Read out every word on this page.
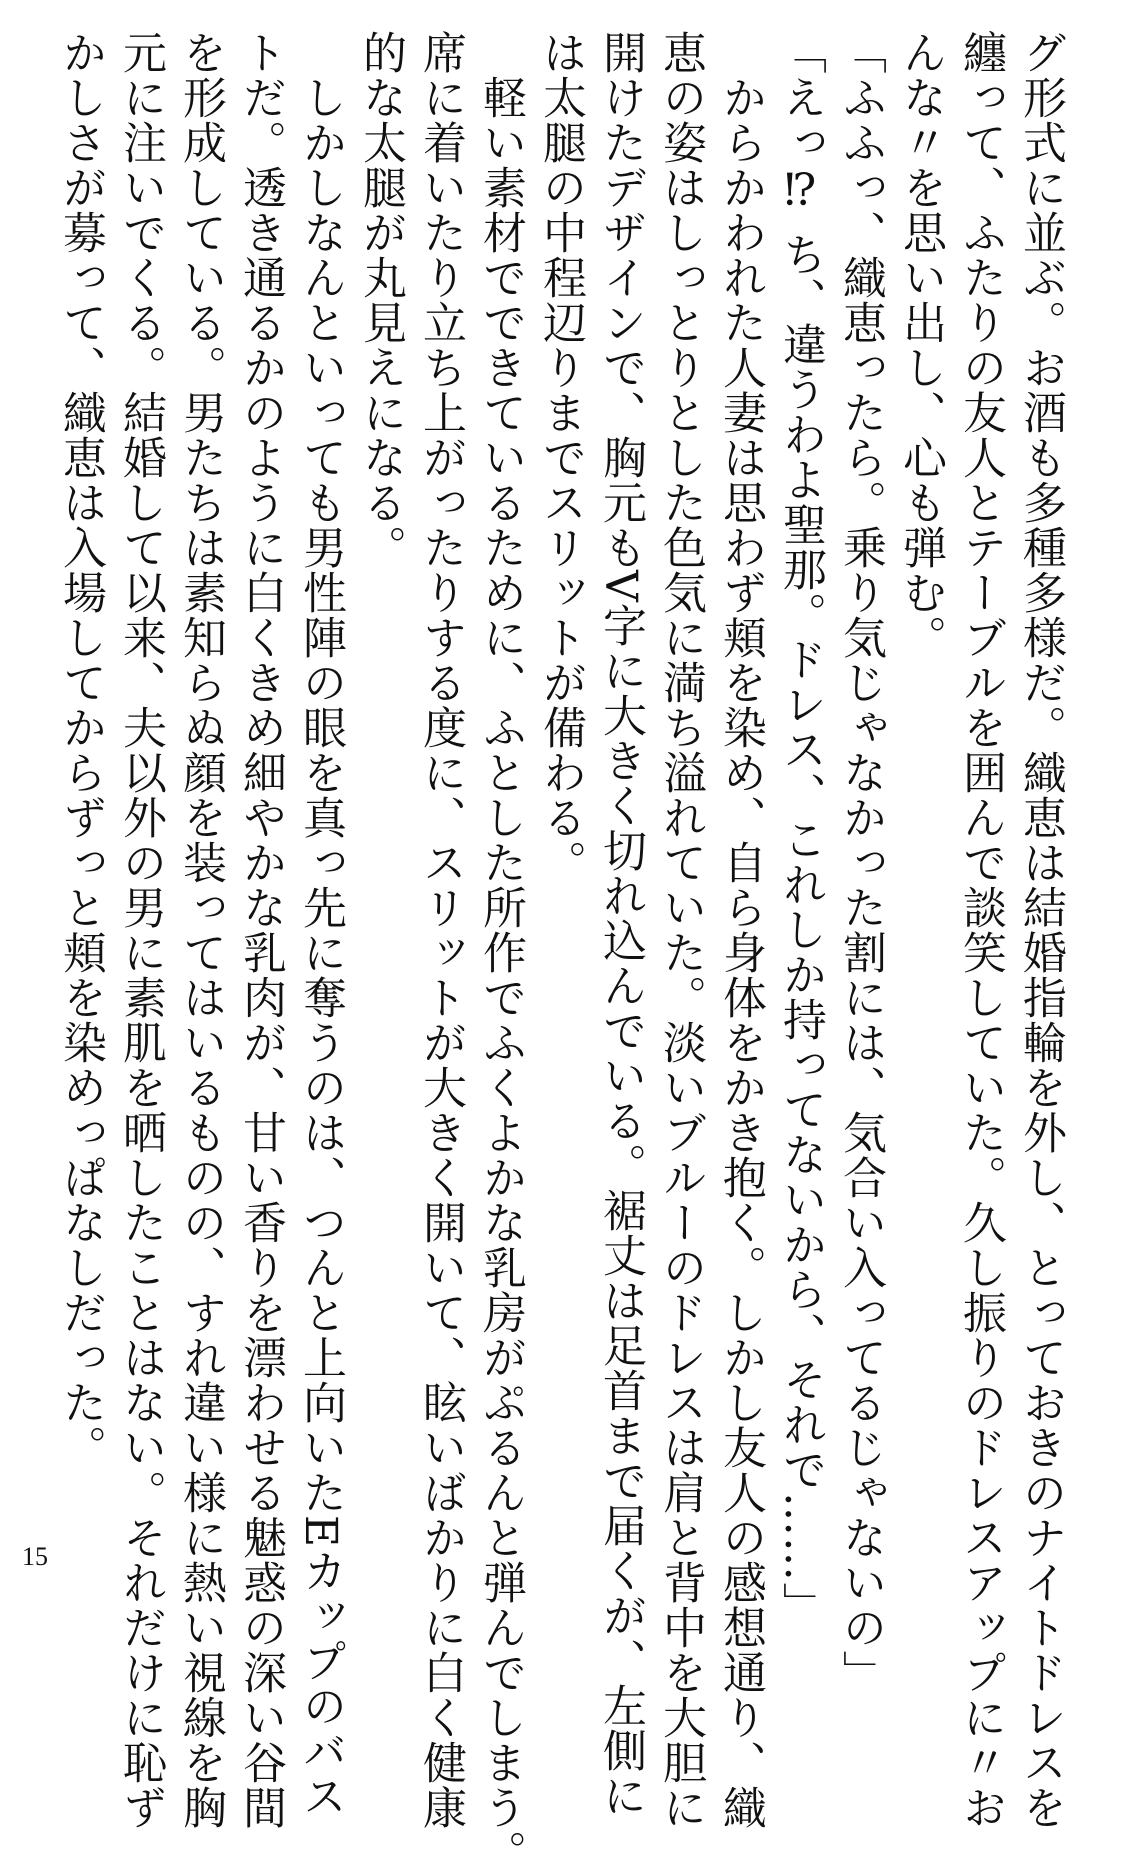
グ形式に並ぶ。お酒も多種多様だ。織恵は結婚指輪を外し、とっておきのナイトドレスを
纏って、ふたりの友人とテーブルを囲んで談笑していた。久し振りのドレスアップに〃お
んな〃を思い出し、心も弾む。
「ふふっ、織恵ったら。乗り気じゃなかった割には、気合い入ってるじゃないの」
「えっ⁉ ち、違うわよ聖那。ドレス、これしか持ってないから、それで……」
　からかわれた人妻は思わず頬を染め、自ら身体をかき抱く。しかし友人の感想通り、織
恵の姿はしっとりとした色気に満ち溢れていた。淡いブルーのドレスは肩と背中を大胆に
開けたデザインで、胸元もV字に大きく切れ込んでいる。裾丈は足首まで届くが、左側に
は太腿の中程辺りまでスリットが備わる。
　軽い素材でできているために、ふとした所作でふくよかな乳房がぷるんと弾んでしまう。
席に着いたり立ち上がったりする度に、スリットが大きく開いて、眩いばかりに白く健康
的な太腿が丸見えになる。
　しかしなんといっても男性陣の眼を真っ先に奪うのは、つんと上向いたEカップのバス
トだ。透き通るかのように白くきめ細やかな乳肉が、甘い香りを漂わせる魅惑の深い谷間
を形成している。男たちは素知らぬ顔を装ってはいるものの、すれ違い様に熱い視線を胸
元に注いでくる。結婚して以来、夫以外の男に素肌を晒したことはない。それだけに恥ず
かしさが募って、織恵は入場してからずっと頬を染めっぱなしだった。
15
